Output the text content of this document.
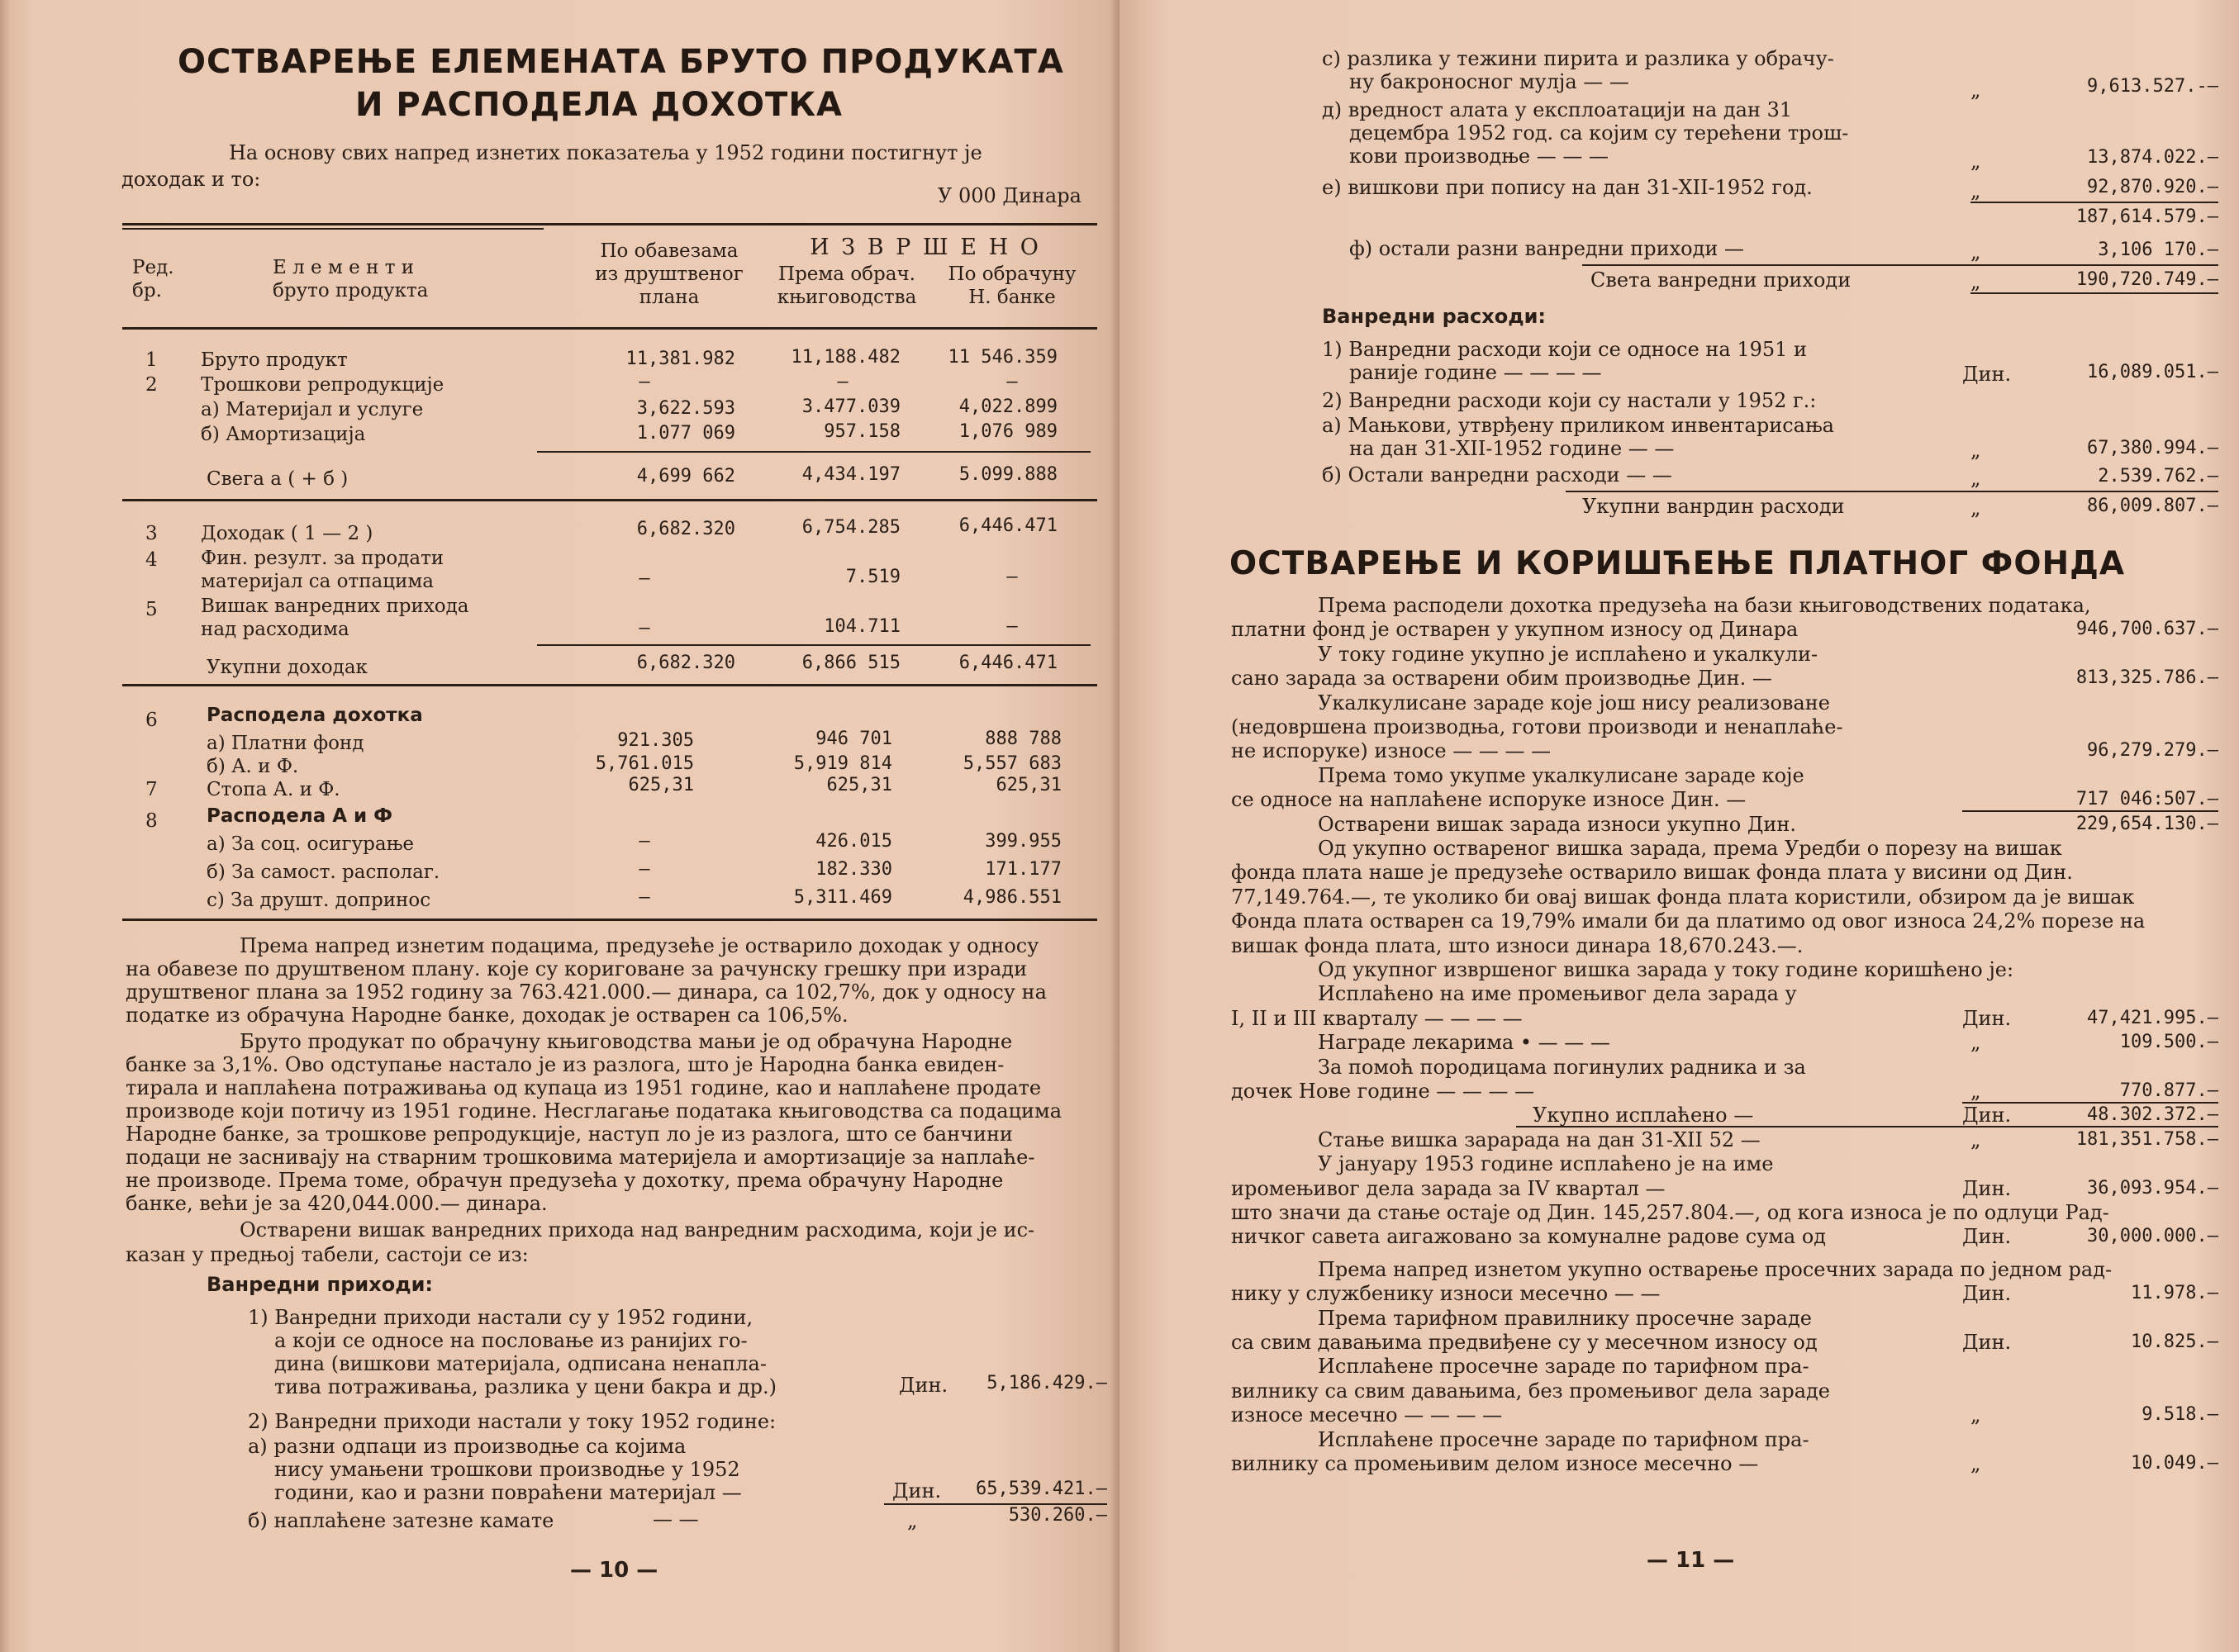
ОСТВАРЕЊЕ ЕЛЕМЕНАТА БРУТО ПРОДУКАТА
И РАСПОДЕЛА ДОХОТКА
На основу свих напред изнетих показатеља у 1952 години постигнут је
доходак и то:
У 000 Динара
Ред. бр.
Е л е м е н т и
бруто продукта
По обавезама
из друштвеног
плана
И З В Р Ш Е Н О
Према обрач.
књиговодства
По обрачуну
Н. банке
1 Бруто продукт	11,381.982	11,188.482	11 546.359
2 Трошкови репродукције	—	—	—
а) Материјал и услуге	3,622.593	3.477.039	4,022.899
б) Амортизација	1.077 069	957.158	1,076 989
Свега а ( + б )	4,699 662	4,434.197	5.099.888
3 Доходак ( 1 — 2 )	6,682.320	6,754.285	6,446.471
4 Фин. резулт. за продати
материјал са отпацима	—	7.519	—
5 Вишак ванредних прихода
над расходима	—	104.711	—
Укупни доходак	6,682.320	6,866 515	6,446.471
6	Расподела дохотка
а) Платни фонд	921.305	946 701	888 788
б) А. и Ф.	5,761.015	5,919 814	5,557 683
7	Стопа А. и Ф.	625,31	625,31	625,31
8	Расподела А и Ф
а) За соц. осигурање	—	426.015	399.955
б) За самост. располаг.	—	182.330	171.177
с) За друшт. допринос	—	5,311.469	4,986.551
Према напред изнетим подацима, предузеће је остварило доходак у односу
на обавезе по друштвеном плану. које су кориговане за рачунску грешку при изради
друштвеног плана за 1952 годину за 763.421.000.— динара, са 102,7%, док у односу на
податке из обрачуна Народне банке, доходак је остварен са 106,5%.
Бруто продукат по обрачуну књиговодства мањи је од обрачуна Народне
банке за 3,1%. Ово одступање настало је из разлога, што је Народна банка евиден-
тирала и наплаћена потраживања од купаца из 1951 године, као и наплаћене продате
производе који потичу из 1951 године. Несглагање података књиговодства са подацима
Народне банке, за трошкове репродукције, наступ ло је из разлога, што се банчини
подаци не заснивају на стварним трошковима материјела и амортизације за наплаће-
не производе. Према томе, обрачун предузећа у дохотку, према обрачуну Народне
банке, већи је за 420,044.000.— динара.
Остварени вишак ванредних прихода над ванредним расходима, који је ис-
казан у предњој табели, састоји се из:
Ванредни приходи:
1) Ванредни приходи настали су у 1952 години,
а који се односе на пословање из ранијих го-
дина (вишкови материјала, одписана ненапла-
тива потраживања, разлика у цени бакра и др.)	Дин.	5,186.429.—
2) Ванредни приходи настали у току 1952 године:
а) разни одпаци из производње са којима
нису умањени трошкови производње у 1952
години, као и разни повраћени материјал —	Дин.	65,539.421.—
б) наплаћене затезне камате	— —	„	530.260.—
— 10 —
с) разлика у тежини пирита и разлика у обрачу-
ну бакроносног мулја — —	„	9,613.527.-—
д) вредност алата у експлоатацији на дан 31
децембра 1952 год. са којим су терећени трош-
кови производње — — —	„	13,874.022.—
е) вишкови при попису на дан 31-XII-1952 год.	„	92,870.920.—
187,614.579.—
ф) остали разни ванредни приходи —	„	3,106 170.—
Света ванредни приходи	„	190,720.749.—
Ванредни расходи:
1) Ванредни расходи који се односе на 1951 и
раније године — — — —	Дин.	16,089.051.—
2) Ванредни расходи који су настали у 1952 г.:
а) Мањкови, утврђену приликом инвентарисања
на дан 31-XII-1952 године — —	„	67,380.994.—
б) Остали ванредни расходи — —	„	2.539.762.—
Укупни ванрдин расходи	„	86,009.807.—
ОСТВАРЕЊЕ И КОРИШЋЕЊЕ ПЛАТНОГ ФОНДА
Према расподели дохотка предузећа на бази књиговодствених података,
платни фонд је остварен у укупном износу од Динара	946,700.637.—
У току године укупно је исплаћено и укалкули-
сано зарада за остварени обим производње Дин. —	813,325.786.—
Укалкулисане зараде које још нису реализоване
(недовршена производња, готови производи и ненаплаће-
не испоруке) износе — — — —	96,279.279.—
Према томо укупме укалкулисане зараде које
се односе на наплаћене испоруке износе Дин. —	717 046:507.—
Остварени вишак зарада износи укупно Дин.	229,654.130.—
Од укупно оствареног вишка зарада, према Уредби о порезу на вишак
фонда плата наше је предузеће остварило вишак фонда плата у висини од Дин.
77,149.764.—, те уколико би овај вишак фонда плата користили, обзиром да је вишак
Фонда плата остварен са 19,79% имали би да платимо од овог износа 24,2% порезе на
вишак фонда плата, што износи динара 18,670.243.—.
Од укупног извршеног вишка зарада у току године коришћено је:
Исплаћено на име промењивог дела зарада у
I, II и III кварталу — — — —	Дин.	47,421.995.—
Награде лекарима • — — —	„	109.500.—
За помоћ породицама погинулих радника и за
дочек Нове године — — — —	„	770.877.—
Укупно исплаћено —	Дин.	48.302.372.—
Стање вишка зарарада на дан 31-XII 52 —	„	181,351.758.—
У јануару 1953 године исплаћено је на име
иромењивог дела зарада за IV квартал —	Дин.	36,093.954.—
што значи да стање остаје од Дин. 145,257.804.—, од кога износа је по одлуци Рад-
ничког савета аигажовано за комуналне радове сума од	Дин.	30,000.000.—
Према напред изнетом укупно остварење просечних зарада по једном рад-
нику у службенику износи месечно — —	Дин.	11.978.—
Према тарифном правилнику просечне зараде
са свим давањима предвиђене су у месечном износу од	Дин.	10.825.—
Исплаћене просечне зараде по тарифном пра-
вилнику са свим давањима, без промењивог дела зараде
износе месечно — — — —	„	9.518.—
Исплаћене просечне зараде по тарифном пра-
вилнику са промењивим делом износе месечно —	„	10.049.—
— 11 —
